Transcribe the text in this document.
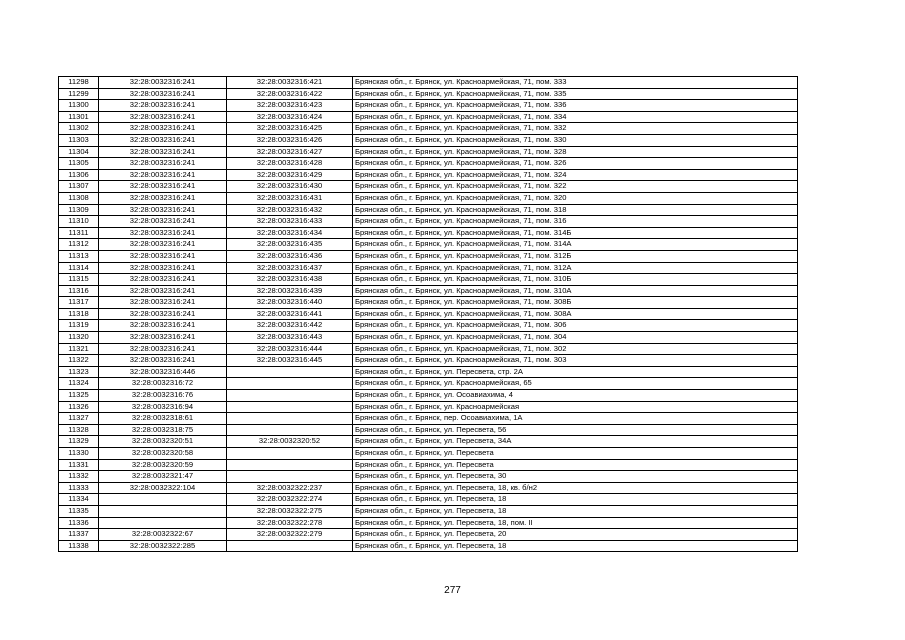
11298	32:28:0032316:241	32:28:0032316:421	Брянская обл., г. Брянск, ул. Красноармейская, 71, пом. 333
11299	32:28:0032316:241	32:28:0032316:422	Брянская обл., г. Брянск, ул. Красноармейская, 71, пом. 335
11300	32:28:0032316:241	32:28:0032316:423	Брянская обл., г. Брянск, ул. Красноармейская, 71, пом. 336
11301	32:28:0032316:241	32:28:0032316:424	Брянская обл., г. Брянск, ул. Красноармейская, 71, пом. 334
11302	32:28:0032316:241	32:28:0032316:425	Брянская обл., г. Брянск, ул. Красноармейская, 71, пом. 332
11303	32:28:0032316:241	32:28:0032316:426	Брянская обл., г. Брянск, ул. Красноармейская, 71, пом. 330
11304	32:28:0032316:241	32:28:0032316:427	Брянская обл., г. Брянск, ул. Красноармейская, 71, пом. 328
11305	32:28:0032316:241	32:28:0032316:428	Брянская обл., г. Брянск, ул. Красноармейская, 71, пом. 326
11306	32:28:0032316:241	32:28:0032316:429	Брянская обл., г. Брянск, ул. Красноармейская, 71, пом. 324
11307	32:28:0032316:241	32:28:0032316:430	Брянская обл., г. Брянск, ул. Красноармейская, 71, пом. 322
11308	32:28:0032316:241	32:28:0032316:431	Брянская обл., г. Брянск, ул. Красноармейская, 71, пом. 320
11309	32:28:0032316:241	32:28:0032316:432	Брянская обл., г. Брянск, ул. Красноармейская, 71, пом. 318
11310	32:28:0032316:241	32:28:0032316:433	Брянская обл., г. Брянск, ул. Красноармейская, 71, пом. 316
11311	32:28:0032316:241	32:28:0032316:434	Брянская обл., г. Брянск, ул. Красноармейская, 71, пом. 314Б
11312	32:28:0032316:241	32:28:0032316:435	Брянская обл., г. Брянск, ул. Красноармейская, 71, пом. 314А
11313	32:28:0032316:241	32:28:0032316:436	Брянская обл., г. Брянск, ул. Красноармейская, 71, пом. 312Б
11314	32:28:0032316:241	32:28:0032316:437	Брянская обл., г. Брянск, ул. Красноармейская, 71, пом. 312А
11315	32:28:0032316:241	32:28:0032316:438	Брянская обл., г. Брянск, ул. Красноармейская, 71, пом. 310Б
11316	32:28:0032316:241	32:28:0032316:439	Брянская обл., г. Брянск, ул. Красноармейская, 71, пом. 310А
11317	32:28:0032316:241	32:28:0032316:440	Брянская обл., г. Брянск, ул. Красноармейская, 71, пом. 308Б
11318	32:28:0032316:241	32:28:0032316:441	Брянская обл., г. Брянск, ул. Красноармейская, 71, пом. 308А
11319	32:28:0032316:241	32:28:0032316:442	Брянская обл., г. Брянск, ул. Красноармейская, 71, пом. 306
11320	32:28:0032316:241	32:28:0032316:443	Брянская обл., г. Брянск, ул. Красноармейская, 71, пом. 304
11321	32:28:0032316:241	32:28:0032316:444	Брянская обл., г. Брянск, ул. Красноармейская, 71, пом. 302
11322	32:28:0032316:241	32:28:0032316:445	Брянская обл., г. Брянск, ул. Красноармейская, 71, пом. 303
11323	32:28:0032316:446		Брянская обл., г. Брянск, ул. Пересвета, стр. 2А
11324	32:28:0032316:72		Брянская обл., г. Брянск, ул. Красноармейская, 65
11325	32:28:0032316:76		Брянская обл., г. Брянск, ул. Осоавиахима, 4
11326	32:28:0032316:94		Брянская обл., г. Брянск, ул. Красноармейская
11327	32:28:0032318:61		Брянская обл., г. Брянск, пер. Осоавиахима, 1А
11328	32:28:0032318:75		Брянская обл., г. Брянск, ул. Пересвета, 56
11329	32:28:0032320:51	32:28:0032320:52	Брянская обл., г. Брянск, ул. Пересвета, 34А
11330	32:28:0032320:58		Брянская обл., г. Брянск, ул. Пересвета
11331	32:28:0032320:59		Брянская обл., г. Брянск, ул. Пересвета
11332	32:28:0032321:47		Брянская обл., г. Брянск, ул. Пересвета, 30
11333	32:28:0032322:104	32:28:0032322:237	Брянская обл., г. Брянск, ул. Пересвета, 18, кв. б/н2
11334		32:28:0032322:274	Брянская обл., г. Брянск, ул. Пересвета, 18
11335		32:28:0032322:275	Брянская обл., г. Брянск, ул. Пересвета, 18
11336		32:28:0032322:278	Брянская обл., г. Брянск, ул. Пересвета, 18, пом. II
11337	32:28:0032322:67	32:28:0032322:279	Брянская обл., г. Брянск, ул. Пересвета, 20
11338	32:28:0032322:285		Брянская обл., г. Брянск, ул. Пересвета, 18
277
